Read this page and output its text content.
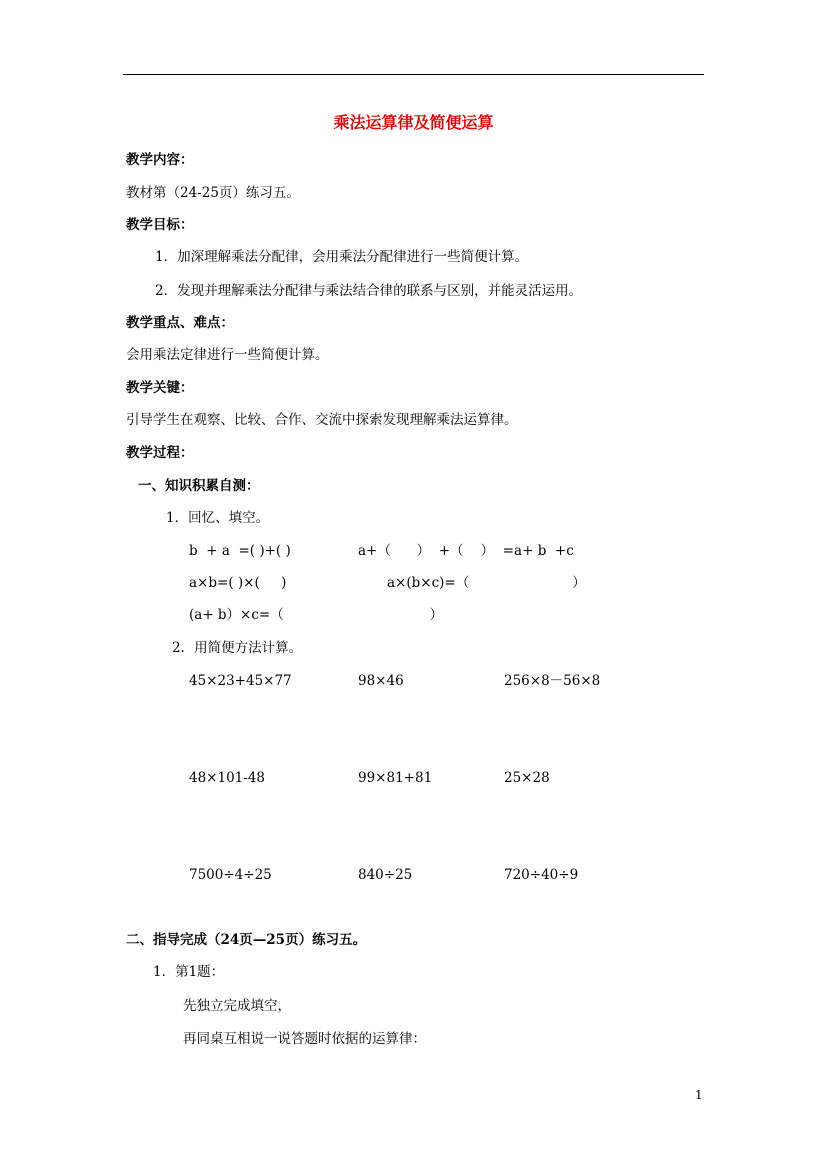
乘法运算律及简便运算
教学内容：
教材第（24-25页）练习五。
教学目标：
1．加深理解乘法分配律，会用乘法分配律进行一些简便计算。
2．发现并理解乘法分配律与乘法结合律的联系与区别，并能灵活运用。
教学重点、难点：
会用乘法定律进行一些简便计算。
教学关键：
引导学生在观察、比较、合作、交流中探索发现理解乘法运算律。
教学过程：
一、知识积累自测：
1．回忆、填空。
b  + a  =( )+( )	a+（      ）  +（    ）  =a+ b  +c
a×b=( )×(     )	a×(b×c)=（                        ）
(a+ b）×c=（                                  ）
2．用简便方法计算。
45×23+45×77	98×46	256×8－56×8
48×101-48	99×81+81	25×28
7500÷4÷25	840÷25	720÷40÷9
二、指导完成（24页—25页）练习五。
1．第1题：
先独立完成填空，
再同桌互相说一说答题时依据的运算律：
1
